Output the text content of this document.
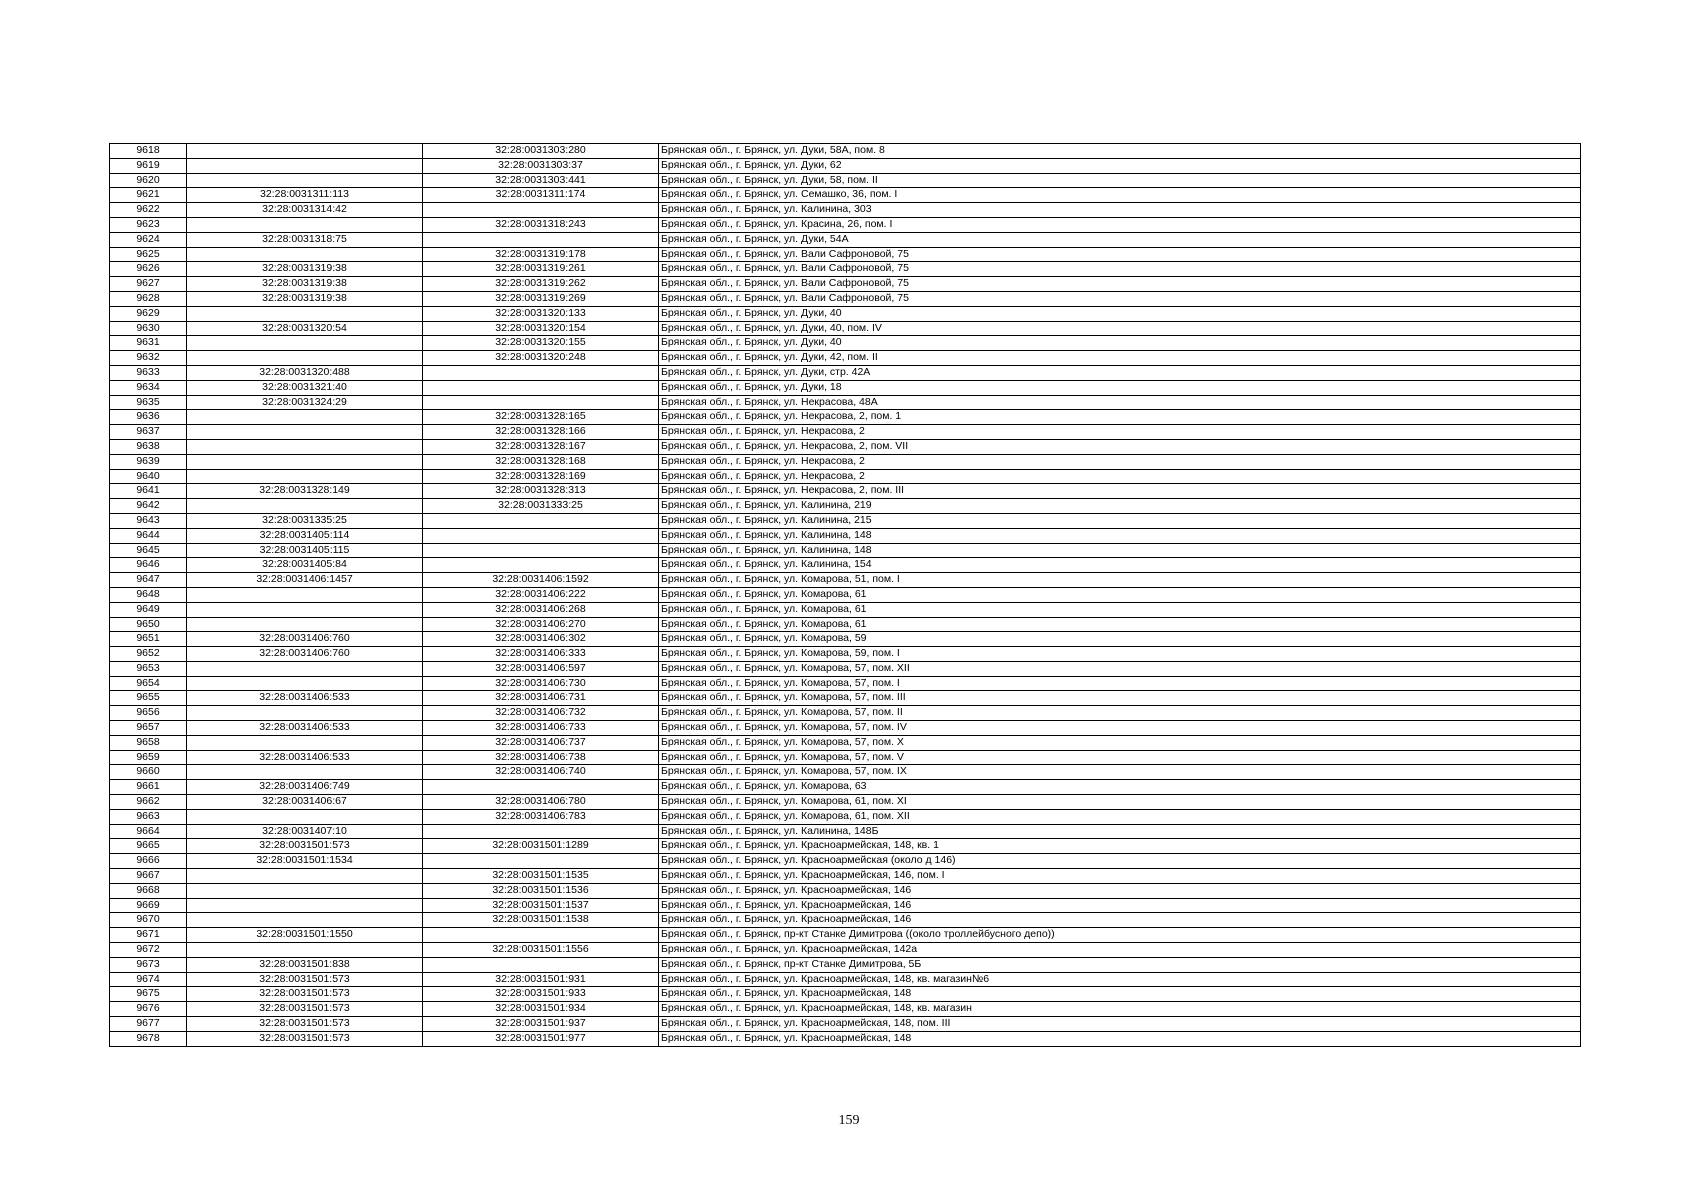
9618		32:28:0031303:280	Брянская обл., г. Брянск, ул. Дуки, 58А, пом. 8
9619		32:28:0031303:37	Брянская обл., г. Брянск, ул. Дуки, 62
9620		32:28:0031303:441	Брянская обл., г. Брянск, ул. Дуки, 58, пом. II
9621	32:28:0031311:113	32:28:0031311:174	Брянская обл., г. Брянск, ул. Семашко, 36, пом. I
9622	32:28:0031314:42		Брянская обл., г. Брянск, ул. Калинина, 303
9623		32:28:0031318:243	Брянская обл., г. Брянск, ул. Красина, 26, пом. I
9624	32:28:0031318:75		Брянская обл., г. Брянск, ул. Дуки, 54А
9625		32:28:0031319:178	Брянская обл., г. Брянск, ул. Вали Сафроновой, 75
9626	32:28:0031319:38	32:28:0031319:261	Брянская обл., г. Брянск, ул. Вали Сафроновой, 75
9627	32:28:0031319:38	32:28:0031319:262	Брянская обл., г. Брянск, ул. Вали Сафроновой, 75
9628	32:28:0031319:38	32:28:0031319:269	Брянская обл., г. Брянск, ул. Вали Сафроновой, 75
9629		32:28:0031320:133	Брянская обл., г. Брянск, ул. Дуки, 40
9630	32:28:0031320:54	32:28:0031320:154	Брянская обл., г. Брянск, ул. Дуки, 40, пом. IV
9631		32:28:0031320:155	Брянская обл., г. Брянск, ул. Дуки, 40
9632		32:28:0031320:248	Брянская обл., г. Брянск, ул. Дуки, 42, пом. II
9633	32:28:0031320:488		Брянская обл., г. Брянск, ул. Дуки, стр. 42А
9634	32:28:0031321:40		Брянская обл., г. Брянск, ул. Дуки, 18
9635	32:28:0031324:29		Брянская обл., г. Брянск, ул. Некрасова, 48А
9636		32:28:0031328:165	Брянская обл., г. Брянск, ул. Некрасова, 2, пом. 1
9637		32:28:0031328:166	Брянская обл., г. Брянск, ул. Некрасова, 2
9638		32:28:0031328:167	Брянская обл., г. Брянск, ул. Некрасова, 2, пом. VII
9639		32:28:0031328:168	Брянская обл., г. Брянск, ул. Некрасова, 2
9640		32:28:0031328:169	Брянская обл., г. Брянск, ул. Некрасова, 2
9641	32:28:0031328:149	32:28:0031328:313	Брянская обл., г. Брянск, ул. Некрасова, 2, пом. III
9642		32:28:0031333:25	Брянская обл., г. Брянск, ул. Калинина, 219
9643	32:28:0031335:25		Брянская обл., г. Брянск, ул. Калинина, 215
9644	32:28:0031405:114		Брянская обл., г. Брянск, ул. Калинина, 148
9645	32:28:0031405:115		Брянская обл., г. Брянск, ул. Калинина, 148
9646	32:28:0031405:84		Брянская обл., г. Брянск, ул. Калинина, 154
9647	32:28:0031406:1457	32:28:0031406:1592	Брянская обл., г. Брянск, ул. Комарова, 51, пом. I
9648		32:28:0031406:222	Брянская обл., г. Брянск, ул. Комарова, 61
9649		32:28:0031406:268	Брянская обл., г. Брянск, ул. Комарова, 61
9650		32:28:0031406:270	Брянская обл., г. Брянск, ул. Комарова, 61
9651	32:28:0031406:760	32:28:0031406:302	Брянская обл., г. Брянск, ул. Комарова, 59
9652	32:28:0031406:760	32:28:0031406:333	Брянская обл., г. Брянск, ул. Комарова, 59, пом. I
9653		32:28:0031406:597	Брянская обл., г. Брянск, ул. Комарова, 57, пом. XII
9654		32:28:0031406:730	Брянская обл., г. Брянск, ул. Комарова, 57, пом. I
9655	32:28:0031406:533	32:28:0031406:731	Брянская обл., г. Брянск, ул. Комарова, 57, пом. III
9656		32:28:0031406:732	Брянская обл., г. Брянск, ул. Комарова, 57, пом. II
9657	32:28:0031406:533	32:28:0031406:733	Брянская обл., г. Брянск, ул. Комарова, 57, пом. IV
9658		32:28:0031406:737	Брянская обл., г. Брянск, ул. Комарова, 57, пом. X
9659	32:28:0031406:533	32:28:0031406:738	Брянская обл., г. Брянск, ул. Комарова, 57, пом. V
9660		32:28:0031406:740	Брянская обл., г. Брянск, ул. Комарова, 57, пом. IX
9661	32:28:0031406:749		Брянская обл., г. Брянск, ул. Комарова, 63
9662	32:28:0031406:67	32:28:0031406:780	Брянская обл., г. Брянск, ул. Комарова, 61, пом. XI
9663		32:28:0031406:783	Брянская обл., г. Брянск, ул. Комарова, 61, пом. XII
9664	32:28:0031407:10		Брянская обл., г. Брянск, ул. Калинина, 148Б
9665	32:28:0031501:573	32:28:0031501:1289	Брянская обл., г. Брянск, ул. Красноармейская, 148, кв. 1
9666	32:28:0031501:1534		Брянская обл., г. Брянск, ул. Красноармейская (около д 146)
9667		32:28:0031501:1535	Брянская обл., г. Брянск, ул. Красноармейская, 146, пом. I
9668		32:28:0031501:1536	Брянская обл., г. Брянск, ул. Красноармейская, 146
9669		32:28:0031501:1537	Брянская обл., г. Брянск, ул. Красноармейская, 146
9670		32:28:0031501:1538	Брянская обл., г. Брянск, ул. Красноармейская, 146
9671	32:28:0031501:1550		Брянская обл., г. Брянск, пр-кт Станке Димитрова ((около троллейбусного депо))
9672		32:28:0031501:1556	Брянская обл., г. Брянск, ул. Красноармейская, 142а
9673	32:28:0031501:838		Брянская обл., г. Брянск, пр-кт Станке Димитрова, 5Б
9674	32:28:0031501:573	32:28:0031501:931	Брянская обл., г. Брянск, ул. Красноармейская, 148, кв. магазин№6
9675	32:28:0031501:573	32:28:0031501:933	Брянская обл., г. Брянск, ул. Красноармейская, 148
9676	32:28:0031501:573	32:28:0031501:934	Брянская обл., г. Брянск, ул. Красноармейская, 148, кв. магазин
9677	32:28:0031501:573	32:28:0031501:937	Брянская обл., г. Брянск, ул. Красноармейская, 148, пом. III
9678	32:28:0031501:573	32:28:0031501:977	Брянская обл., г. Брянск, ул. Красноармейская, 148
159
